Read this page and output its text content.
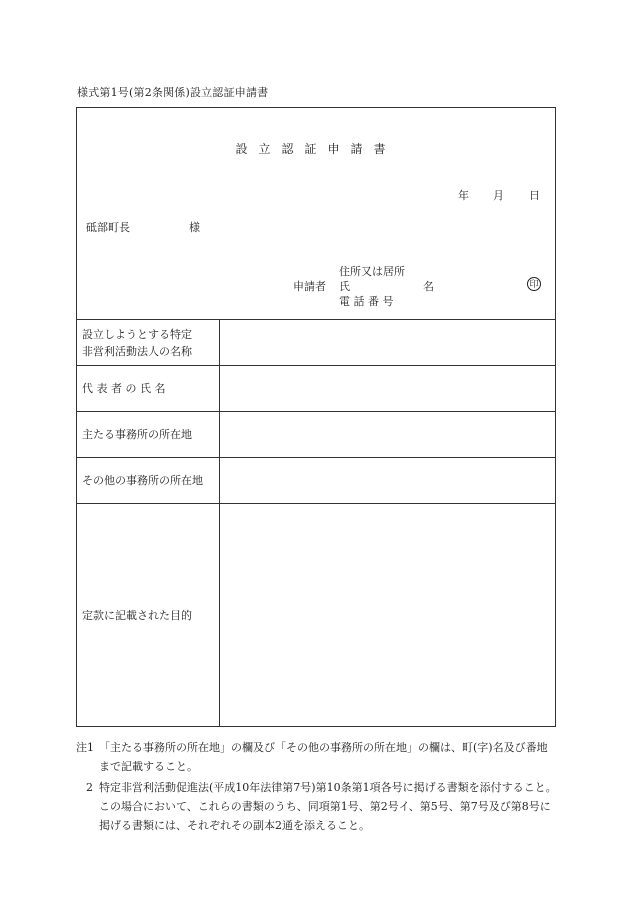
様式第1号(第2条関係)設立認証申請書
設立認証申請書
年 月 日
砥部町長	様
申請者
住所又は居所
氏	名	印
電 話 番 号
設立しようとする特定
非営利活動法人の名称
代 表 者 の 氏 名
主たる事務所の所在地
その他の事務所の所在地
定款に記載された目的
注1 「主たる事務所の所在地」の欄及び「その他の事務所の所在地」の欄は、町(字)名及び番地まで記載すること。
2 特定非営利活動促進法(平成10年法律第7号)第10条第1項各号に掲げる書類を添付すること。この場合において、これらの書類のうち、同項第1号、第2号イ、第5号、第7号及び第8号に掲げる書類には、それぞれその副本2通を添えること。
